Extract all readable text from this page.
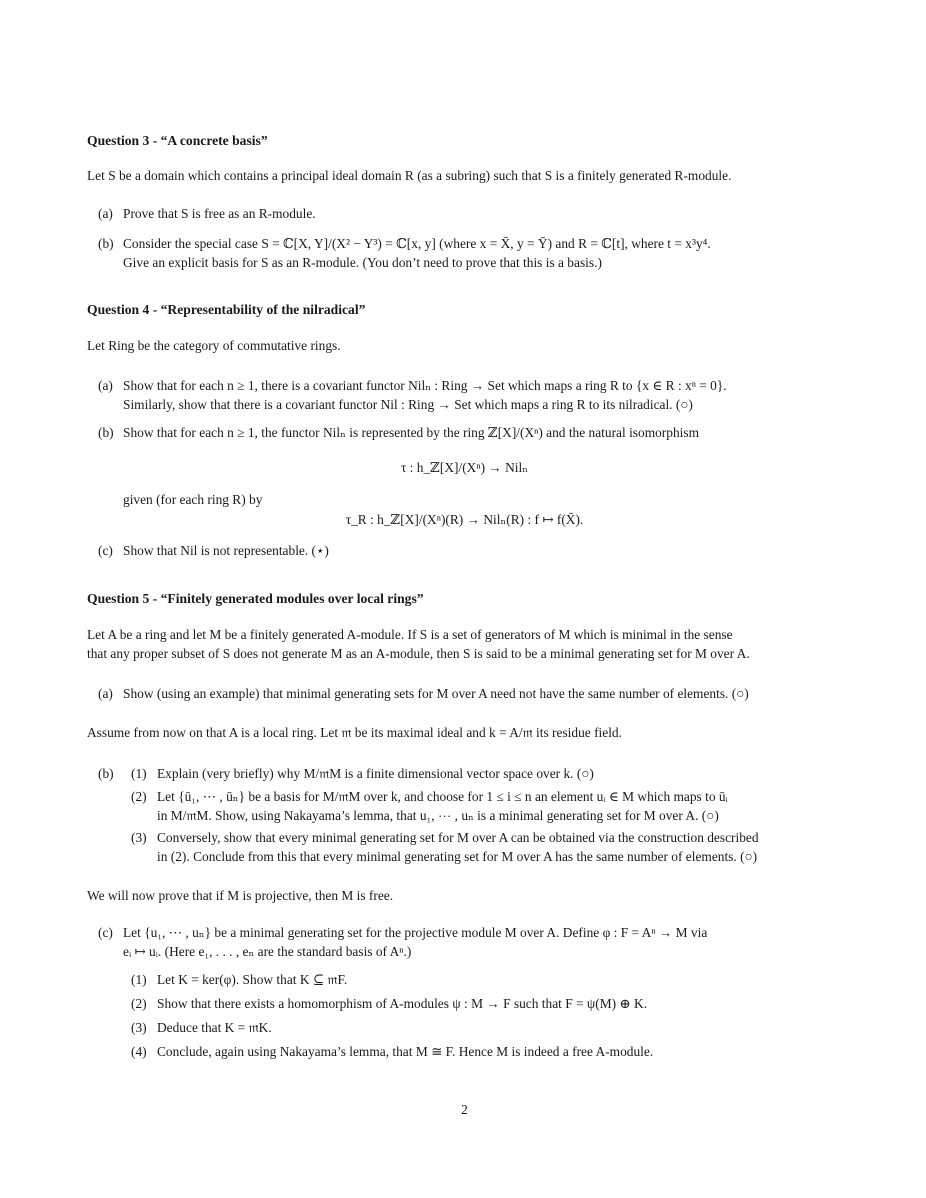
Question 3 - “A concrete basis”
Let S be a domain which contains a principal ideal domain R (as a subring) such that S is a finitely generated R-module.
(a) Prove that S is free as an R-module.
(b) Consider the special case S = ℂ[X, Y]/(X² − Y³) = ℂ[x, y] (where x = X̄, y = Ȳ) and R = ℂ[t], where t = x³y⁴.
Give an explicit basis for S as an R-module. (You don’t need to prove that this is a basis.)
Question 4 - “Representability of the nilradical”
Let Ring be the category of commutative rings.
(a) Show that for each n ≥ 1, there is a covariant functor Nilₙ : Ring → Set which maps a ring R to {x ∈ R : xⁿ = 0}.
Similarly, show that there is a covariant functor Nil : Ring → Set which maps a ring R to its nilradical. (○)
(b) Show that for each n ≥ 1, the functor Nilₙ is represented by the ring ℤ[X]/(Xⁿ) and the natural isomorphism
τ : h_ℤ[X]/(Xⁿ) → Nilₙ
given (for each ring R) by
τ_R : h_ℤ[X]/(Xⁿ)(R) → Nilₙ(R) : f ↦ f(X̄).
(c) Show that Nil is not representable. (⋆)
Question 5 - “Finitely generated modules over local rings”
Let A be a ring and let M be a finitely generated A-module. If S is a set of generators of M which is minimal in the sense
that any proper subset of S does not generate M as an A-module, then S is said to be a minimal generating set for M over A.
(a) Show (using an example) that minimal generating sets for M over A need not have the same number of elements. (○)
Assume from now on that A is a local ring. Let 𝔪 be its maximal ideal and k = A/𝔪 its residue field.
(b) (1) Explain (very briefly) why M/𝔪M is a finite dimensional vector space over k. (○)
(2) Let {ū₁, ⋯ , ūₙ} be a basis for M/𝔪M over k, and choose for 1 ≤ i ≤ n an element uᵢ ∈ M which maps to ūᵢ
in M/𝔪M. Show, using Nakayama’s lemma, that u₁, ⋯ , uₙ is a minimal generating set for M over A. (○)
(3) Conversely, show that every minimal generating set for M over A can be obtained via the construction described
in (2). Conclude from this that every minimal generating set for M over A has the same number of elements. (○)
We will now prove that if M is projective, then M is free.
(c) Let {u₁, ⋯ , uₙ} be a minimal generating set for the projective module M over A. Define φ : F = Aⁿ → M via
eᵢ ↦ uᵢ. (Here e₁, . . . , eₙ are the standard basis of Aⁿ.)
(1) Let K = ker(φ). Show that K ⊆ 𝔪F.
(2) Show that there exists a homomorphism of A-modules ψ : M → F such that F = ψ(M) ⊕ K.
(3) Deduce that K = 𝔪K.
(4) Conclude, again using Nakayama’s lemma, that M ≅ F. Hence M is indeed a free A-module.
2
